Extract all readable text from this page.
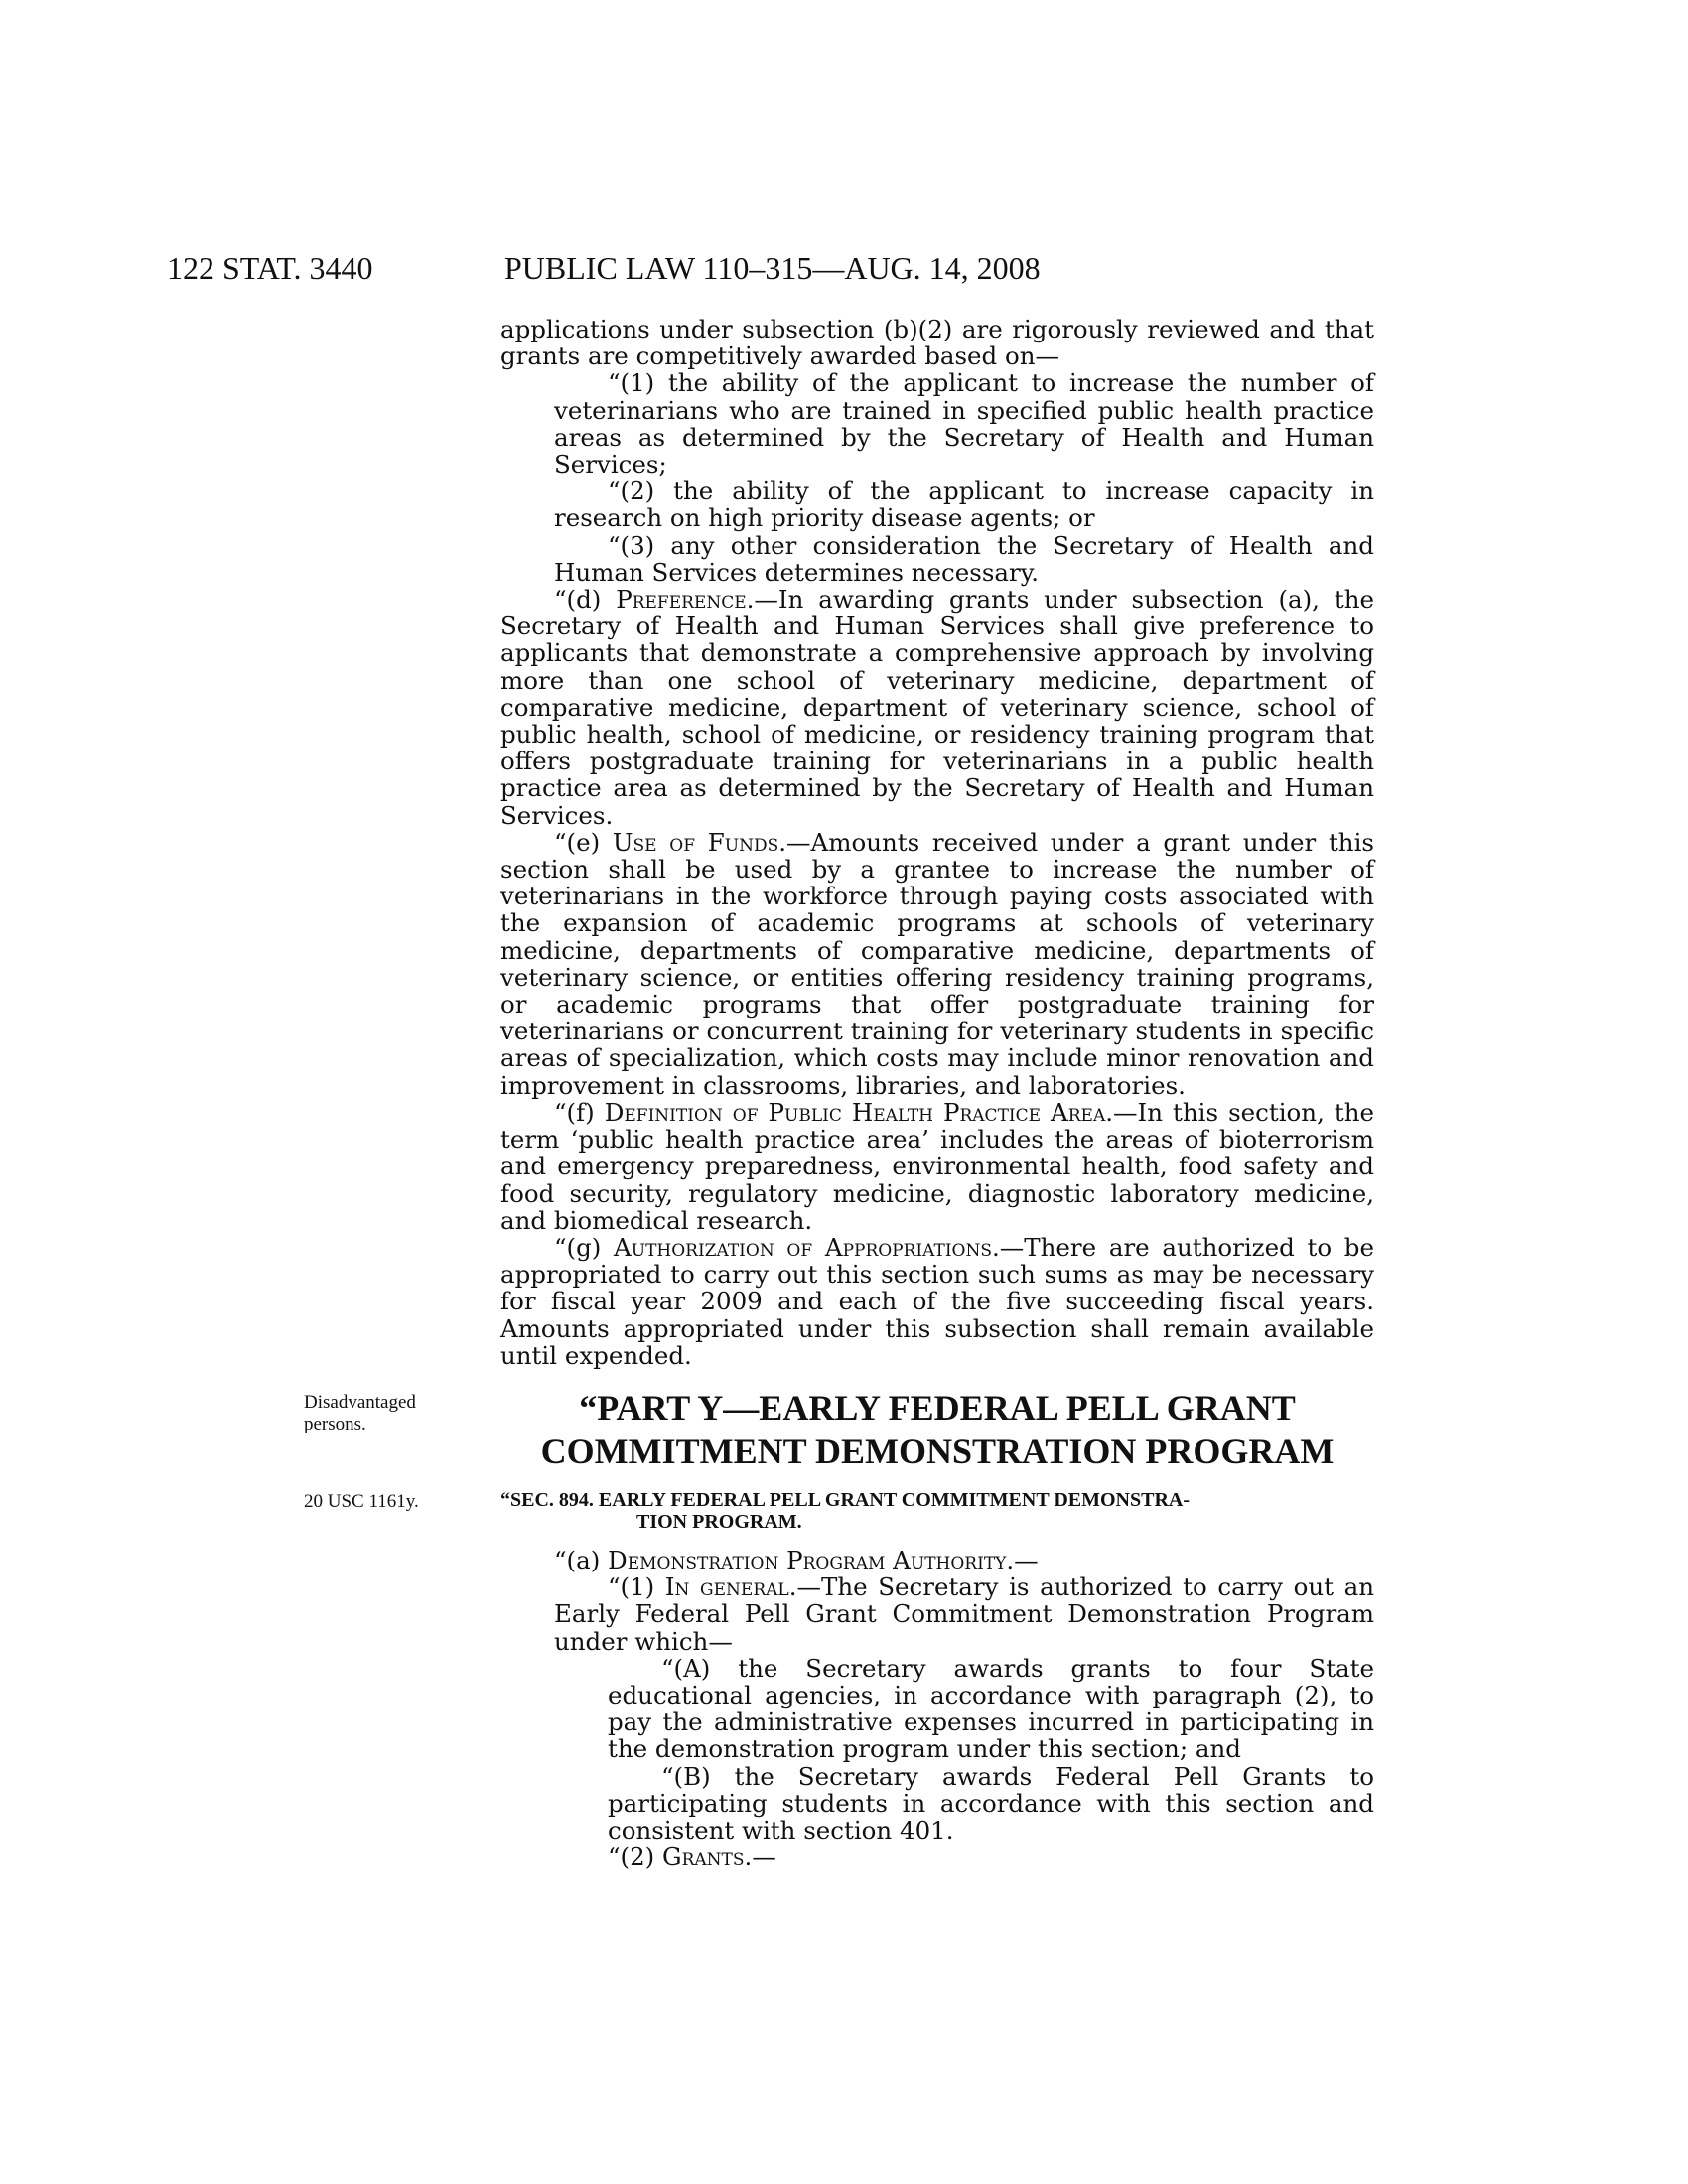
122 STAT. 3440	PUBLIC LAW 110–315—AUG. 14, 2008

applications under subsection (b)(2) are rigorously reviewed and that grants are competitively awarded based on—

“(1) the ability of the applicant to increase the number of veterinarians who are trained in specified public health practice areas as determined by the Secretary of Health and Human Services;

“(2) the ability of the applicant to increase capacity in research on high priority disease agents; or

“(3) any other consideration the Secretary of Health and Human Services determines necessary.

“(d) Preference.—In awarding grants under subsection (a), the Secretary of Health and Human Services shall give preference to applicants that demonstrate a comprehensive approach by involving more than one school of veterinary medicine, department of comparative medicine, department of veterinary science, school of public health, school of medicine, or residency training program that offers postgraduate training for veterinarians in a public health practice area as determined by the Secretary of Health and Human Services.

“(e) Use of Funds.—Amounts received under a grant under this section shall be used by a grantee to increase the number of veterinarians in the workforce through paying costs associated with the expansion of academic programs at schools of veterinary medicine, departments of comparative medicine, departments of veterinary science, or entities offering residency training programs, or academic programs that offer postgraduate training for veterinarians or concurrent training for veterinary students in specific areas of specialization, which costs may include minor renovation and improvement in classrooms, libraries, and laboratories.

“(f) Definition of Public Health Practice Area.—In this section, the term ‘public health practice area’ includes the areas of bioterrorism and emergency preparedness, environmental health, food safety and food security, regulatory medicine, diagnostic laboratory medicine, and biomedical research.

“(g) Authorization of Appropriations.—There are authorized to be appropriated to carry out this section such sums as may be necessary for fiscal year 2009 and each of the five succeeding fiscal years. Amounts appropriated under this subsection shall remain available until expended.

Disadvantaged persons.	“PART Y—EARLY FEDERAL PELL GRANT
COMMITMENT DEMONSTRATION PROGRAM
20 USC 1161y.	“SEC. 894. EARLY FEDERAL PELL GRANT COMMITMENT DEMONSTRA-
TION PROGRAM.

“(a) Demonstration Program Authority.—

“(1) In general.—The Secretary is authorized to carry out an Early Federal Pell Grant Commitment Demonstration Program under which—

“(A) the Secretary awards grants to four State educational agencies, in accordance with paragraph (2), to pay the administrative expenses incurred in participating in the demonstration program under this section; and

“(B) the Secretary awards Federal Pell Grants to participating students in accordance with this section and consistent with section 401.

“(2) Grants.—
